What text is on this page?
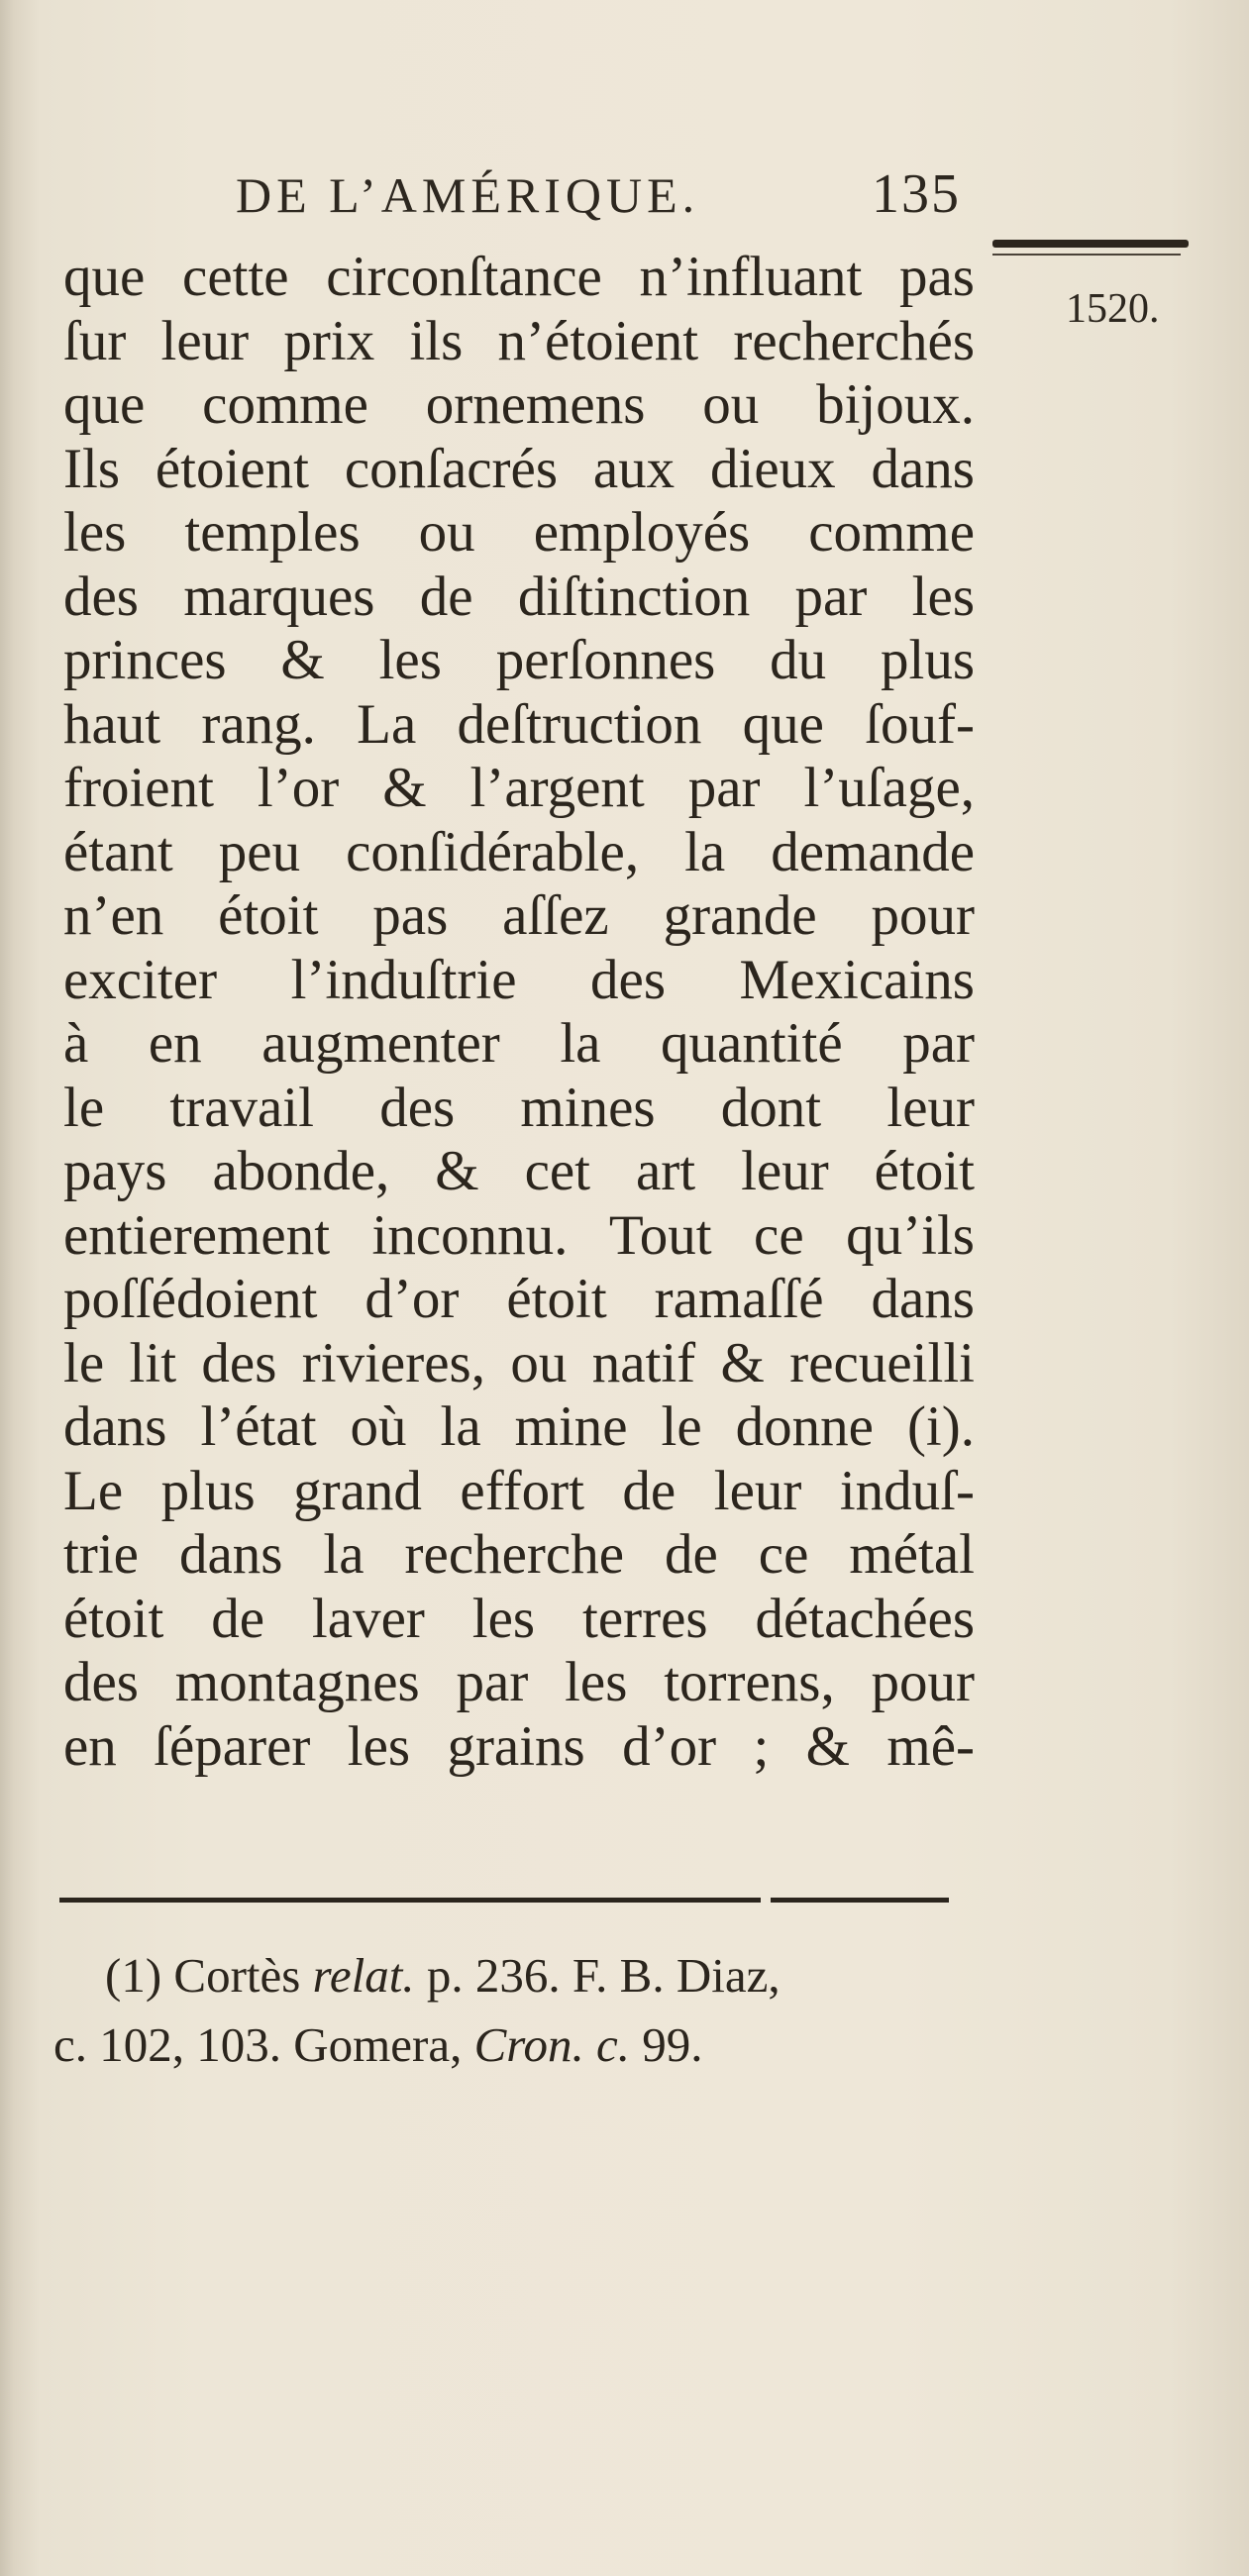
DE L’AMÉRIQUE.	135
1520.
que cette circonſtance n’influant pas
ſur leur prix ils n’étoient recherchés
que comme ornemens ou bijoux.
Ils étoient conſacrés aux dieux dans
les temples ou employés comme
des marques de diſtinction par les
princes & les perſonnes du plus
haut rang. La deſtruction que ſouf-
froient l’or & l’argent par l’uſage,
étant peu conſidérable, la demande
n’en étoit pas aſſez grande pour
exciter l’induſtrie des Mexicains
à en augmenter la quantité par
le travail des mines dont leur
pays abonde, & cet art leur étoit
entierement inconnu. Tout ce qu’ils
poſſédoient d’or étoit ramaſſé dans
le lit des rivieres, ou natif & recueilli
dans l’état où la mine le donne (i).
Le plus grand effort de leur induſ-
trie dans la recherche de ce métal
étoit de laver les terres détachées
des montagnes par les torrens, pour
en ſéparer les grains d’or ; & mê-
(1) Cortès relat. p. 236. F. B. Diaz,
c. 102, 103. Gomera, Cron. c. 99.
